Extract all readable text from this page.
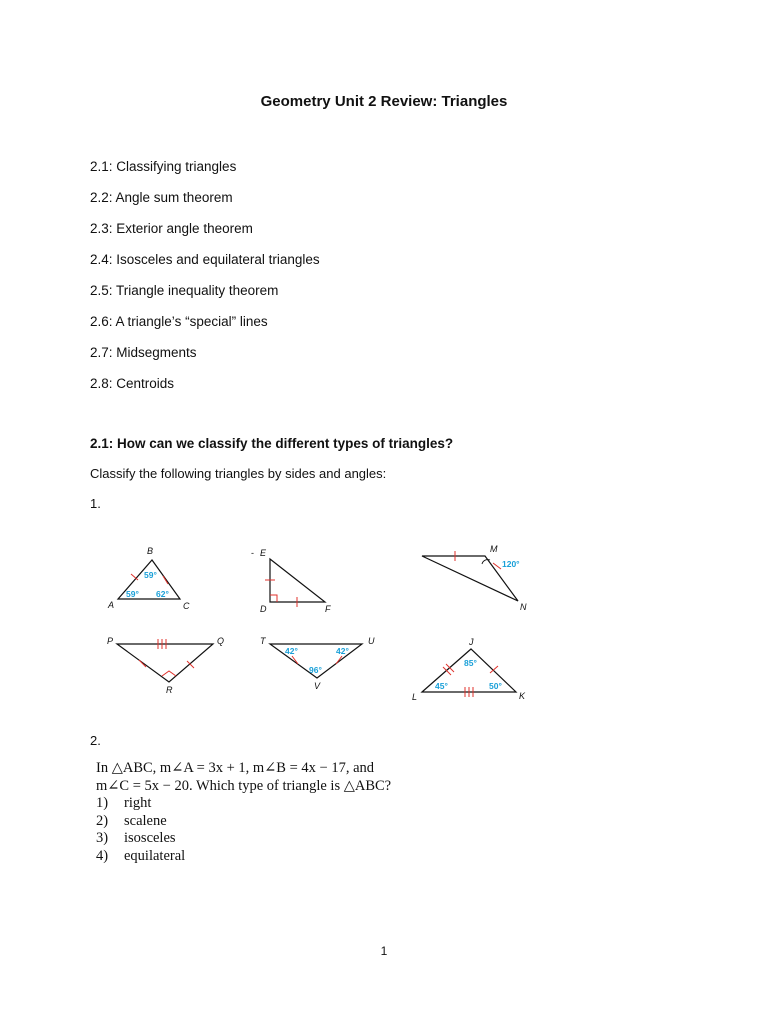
Geometry Unit 2 Review: Triangles
2.1: Classifying triangles
2.2: Angle sum theorem
2.3: Exterior angle theorem
2.4: Isosceles and equilateral triangles
2.5: Triangle inequality theorem
2.6: A triangle’s “special” lines
2.7: Midsegments
2.8: Centroids
2.1: How can we classify the different types of triangles?
Classify the following triangles by sides and angles:
1.
B
A	C
59°
59° 62°
- E
D	F
M
N
120°
P	Q
R
T	U
V
42°	42°
96°
J
K
L
85°
45°	50°
2.
In △ABC, m∠A = 3x + 1, m∠B = 4x − 17, and
m∠C = 5x − 20. Which type of triangle is △ABC?
1) right
2) scalene
3) isosceles
4) equilateral
1
